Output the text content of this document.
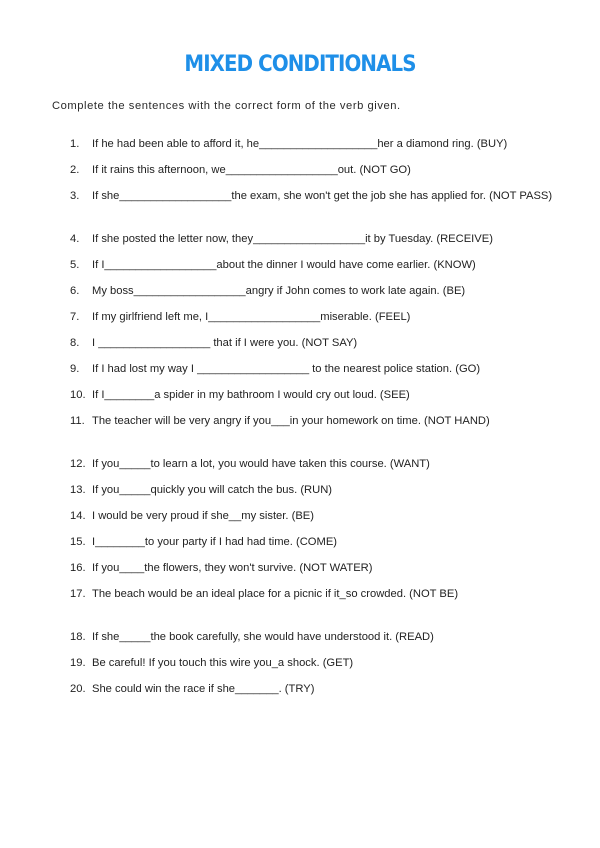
MIXED CONDITIONALS
Complete the sentences with the correct form of the verb given.
1.	If he had been able to afford it, he___________________her a diamond ring. (BUY)
2.	If it rains this afternoon, we__________________out. (NOT GO)
3.	If she__________________the exam, she won't get the job she has applied for. (NOT PASS)
4.	If she posted the letter now, they__________________it by Tuesday. (RECEIVE)
5.	If I__________________about the dinner I would have come earlier. (KNOW)
6.	My boss__________________angry if John comes to work late again. (BE)
7.	If my girlfriend left me, I__________________miserable. (FEEL)
8.	I __________________ that if I were you. (NOT SAY)
9.	If I had lost my way I __________________ to the nearest police station. (GO)
10. If I________a spider in my bathroom I would cry out loud. (SEE)
11. The teacher will be very angry if you___in your homework on time. (NOT HAND)
12. If you_____to learn a lot, you would have taken this course. (WANT)
13. If you_____quickly you will catch the bus. (RUN)
14. I would be very proud if she__my sister. (BE)
15. I________to your party if I had had time. (COME)
16. If you____the flowers, they won't survive. (NOT WATER)
17. The beach would be an ideal place for a picnic if it_so crowded. (NOT BE)
18. If she_____the book carefully, she would have understood it. (READ)
19. Be careful! If you touch this wire you_a shock. (GET)
20. She could win the race if she_______. (TRY)
